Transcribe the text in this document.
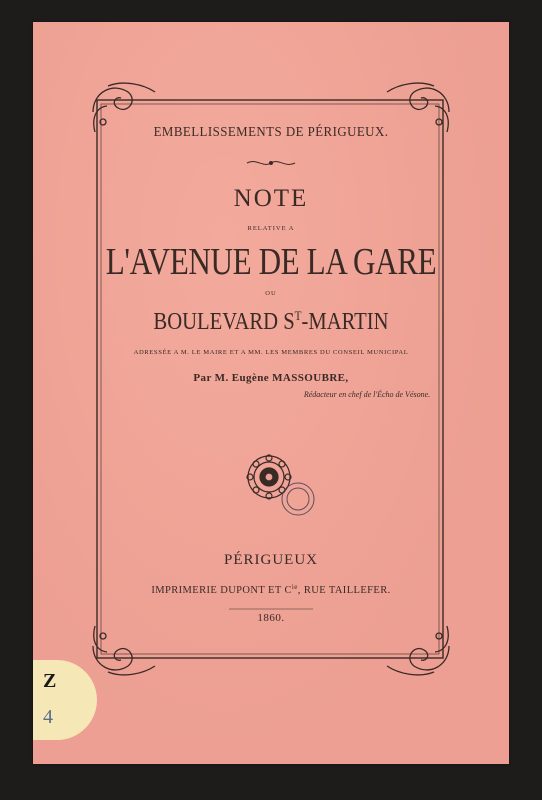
EMBELLISSEMENTS DE PÉRIGUEUX.
NOTE
RELATIVE A
L'AVENUE DE LA GARE
OU
BOULEVARD $S^T$-MARTIN
ADRESSÉE A M. LE MAIRE ET A MM. LES MEMBRES DU CONSEIL MUNICIPAL
Par M. Eugène MASSOUBRE,
Rédacteur en chef de l'Écho de Vésone.
PÉRIGUEUX
IMPRIMERIE DUPONT ET $C^{ie}$, RUE TAILLEFER.
1860.
Z
4
